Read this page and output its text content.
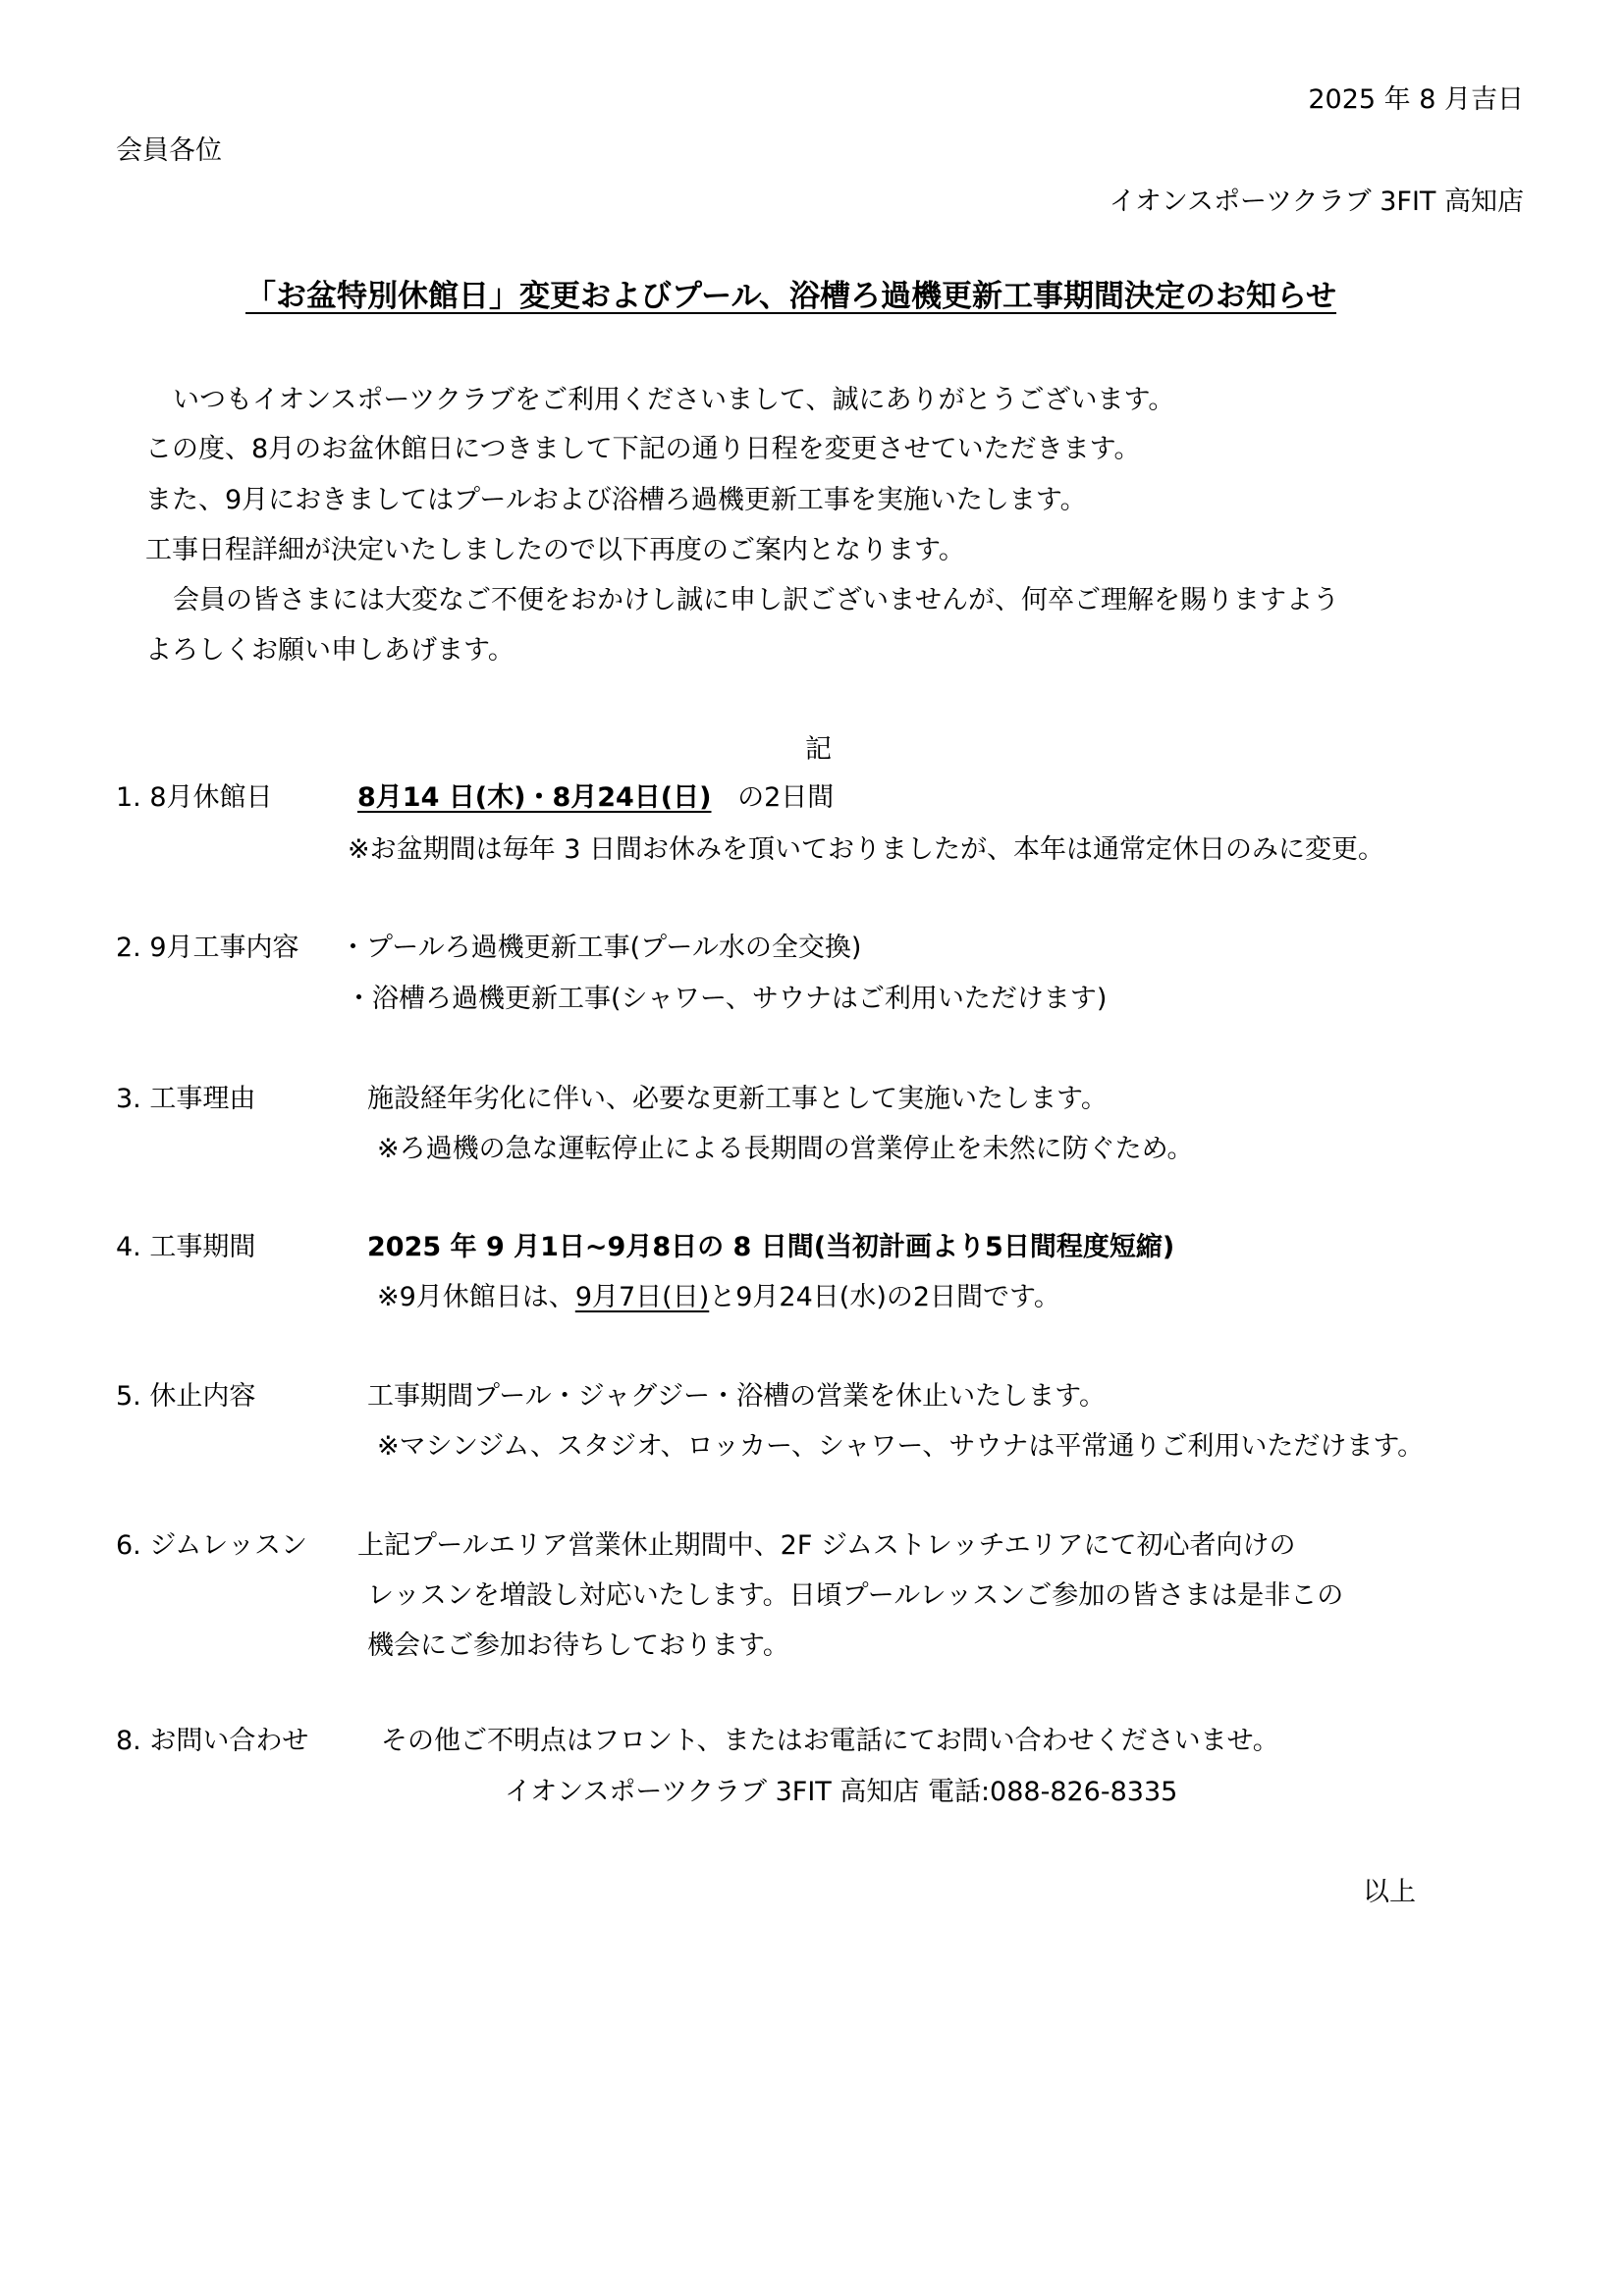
2025 年 8 月吉日
会員各位
イオンスポーツクラブ 3FIT 高知店
「お盆特別休館日」変更およびプール、浴槽ろ過機更新工事期間決定のお知らせ
いつもイオンスポーツクラブをご利用くださいまして、誠にありがとうございます。
この度、8月のお盆休館日につきまして下記の通り日程を変更させていただきます。
また、9月におきましてはプールおよび浴槽ろ過機更新工事を実施いたします。
工事日程詳細が決定いたしましたので以下再度のご案内となります。
会員の皆さまには大変なご不便をおかけし誠に申し訳ございませんが、何卒ご理解を賜りますよう
よろしくお願い申しあげます。
記
1. 8月休館日	8月14 日(木)・8月24日(日) の2日間
※お盆期間は毎年 3 日間お休みを頂いておりましたが、本年は通常定休日のみに変更。
2. 9月工事内容 ・プールろ過機更新工事(プール水の全交換)
・浴槽ろ過機更新工事(シャワー、サウナはご利用いただけます)
3. 工事理由	施設経年劣化に伴い、必要な更新工事として実施いたします。
※ろ過機の急な運転停止による長期間の営業停止を未然に防ぐため。
4. 工事期間	2025 年 9 月1日~9月8日の 8 日間(当初計画より5日間程度短縮)
※9月休館日は、9月7日(日)と9月24日(水)の2日間です。
5. 休止内容	工事期間プール・ジャグジー・浴槽の営業を休止いたします。
※マシンジム、スタジオ、ロッカー、シャワー、サウナは平常通りご利用いただけます。
6. ジムレッスン 上記プールエリア営業休止期間中、2F ジムストレッチエリアにて初心者向けの
レッスンを増設し対応いたします。日頃プールレッスンご参加の皆さまは是非この
機会にご参加お待ちしております。
8. お問い合わせ	その他ご不明点はフロント、またはお電話にてお問い合わせくださいませ。
イオンスポーツクラブ 3FIT 高知店 電話:088-826-8335
以上
